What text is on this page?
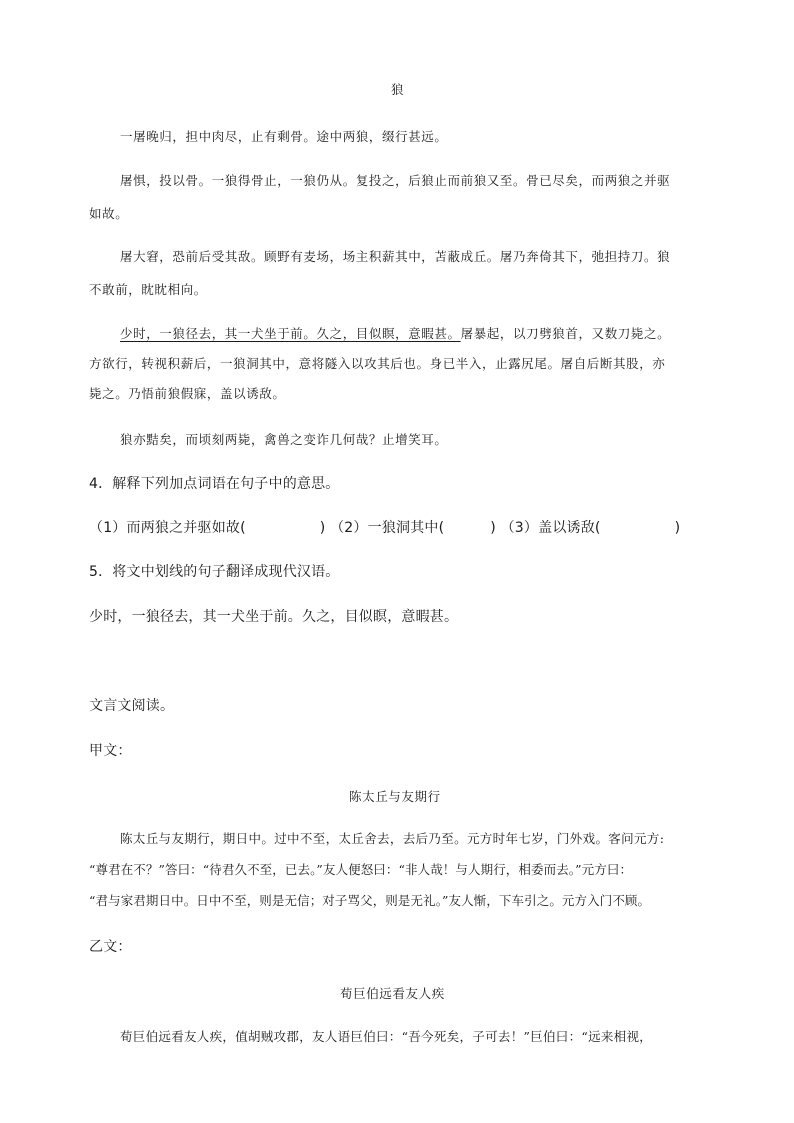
狼
一屠晚归，担中肉尽，止有剩骨。途中两狼，缀行甚远。
屠惧，投以骨。一狼得骨止，一狼仍从。复投之，后狼止而前狼又至。骨已尽矣，而两狼之并驱
如故。
屠大窘，恐前后受其敌。顾野有麦场，场主积薪其中，苫蔽成丘。屠乃奔倚其下，弛担持刀。狼
不敢前，眈眈相向。
少时，一狼径去，其一犬坐于前。久之，目似瞑，意暇甚。屠暴起，以刀劈狼首，又数刀毙之。
方欲行，转视积薪后，一狼洞其中，意将隧入以攻其后也。身已半入，止露尻尾。屠自后断其股，亦
毙之。乃悟前狼假寐，盖以诱敌。
狼亦黠矣，而顷刻两毙，禽兽之变诈几何哉？止增笑耳。
4．解释下列加点词语在句子中的意思。
（1）而两狼之并驱如故(	) （2）一狼洞其中(	) （3）盖以诱敌(	)
5．将文中划线的句子翻译成现代汉语。
少时，一狼径去，其一犬坐于前。久之，目似瞑，意暇甚。
文言文阅读。
甲文：
陈太丘与友期行
陈太丘与友期行，期日中。过中不至，太丘舍去，去后乃至。元方时年七岁，门外戏。客问元方:
“尊君在不？”答曰：“待君久不至，已去。”友人便怒曰：“非人哉！与人期行，相委而去。”元方曰：
“君与家君期日中。日中不至，则是无信；对子骂父，则是无礼。”友人惭，下车引之。元方入门不顾。
乙文：
荀巨伯远看友人疾
荀巨伯远看友人疾，值胡贼攻郡，友人语巨伯曰：“吾今死矣，子可去！”巨伯曰：“远来相视，
